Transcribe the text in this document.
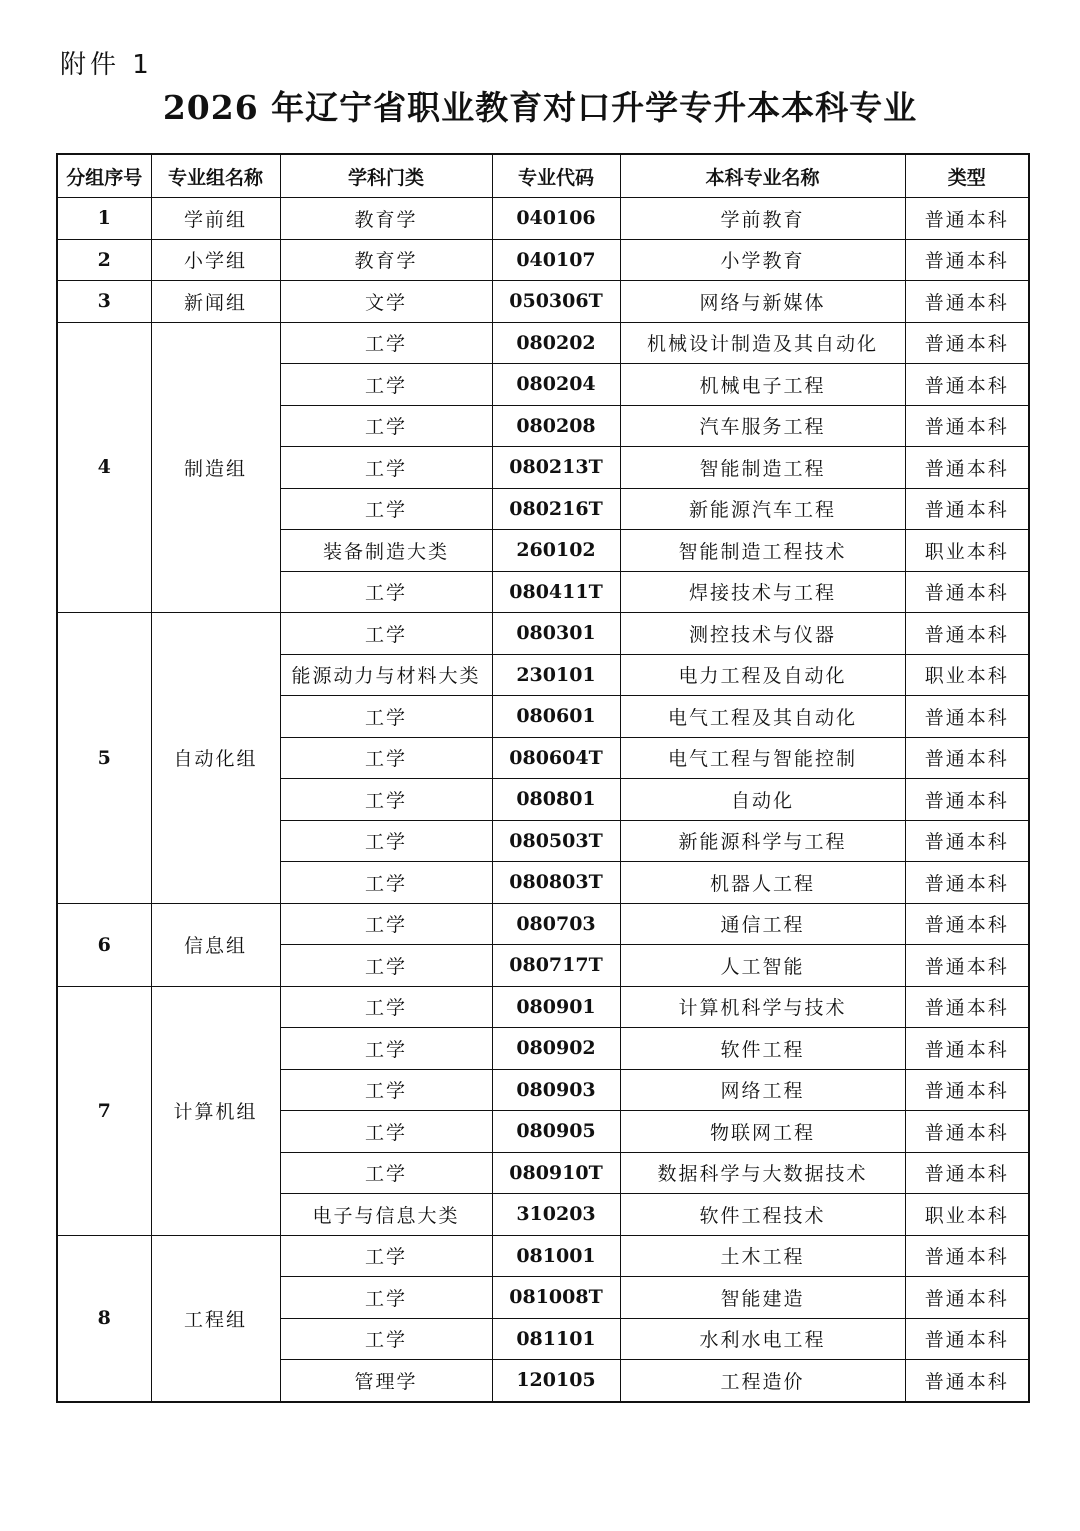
附件 1
2026 年辽宁省职业教育对口升学专升本本科专业
分组序号	专业组名称	学科门类	专业代码	本科专业名称	类型
1	学前组	教育学	040106	学前教育	普通本科
2	小学组	教育学	040107	小学教育	普通本科
3	新闻组	文学	050306T	网络与新媒体	普通本科
4	制造组	工学	080202	机械设计制造及其自动化	普通本科
		工学	080204	机械电子工程	普通本科
		工学	080208	汽车服务工程	普通本科
		工学	080213T	智能制造工程	普通本科
		工学	080216T	新能源汽车工程	普通本科
		装备制造大类	260102	智能制造工程技术	职业本科
		工学	080411T	焊接技术与工程	普通本科
5	自动化组	工学	080301	测控技术与仪器	普通本科
		能源动力与材料大类	230101	电力工程及自动化	职业本科
		工学	080601	电气工程及其自动化	普通本科
		工学	080604T	电气工程与智能控制	普通本科
		工学	080801	自动化	普通本科
		工学	080503T	新能源科学与工程	普通本科
		工学	080803T	机器人工程	普通本科
6	信息组	工学	080703	通信工程	普通本科
		工学	080717T	人工智能	普通本科
7	计算机组	工学	080901	计算机科学与技术	普通本科
		工学	080902	软件工程	普通本科
		工学	080903	网络工程	普通本科
		工学	080905	物联网工程	普通本科
		工学	080910T	数据科学与大数据技术	普通本科
		电子与信息大类	310203	软件工程技术	职业本科
8	工程组	工学	081001	土木工程	普通本科
		工学	081008T	智能建造	普通本科
		工学	081101	水利水电工程	普通本科
		管理学	120105	工程造价	普通本科
